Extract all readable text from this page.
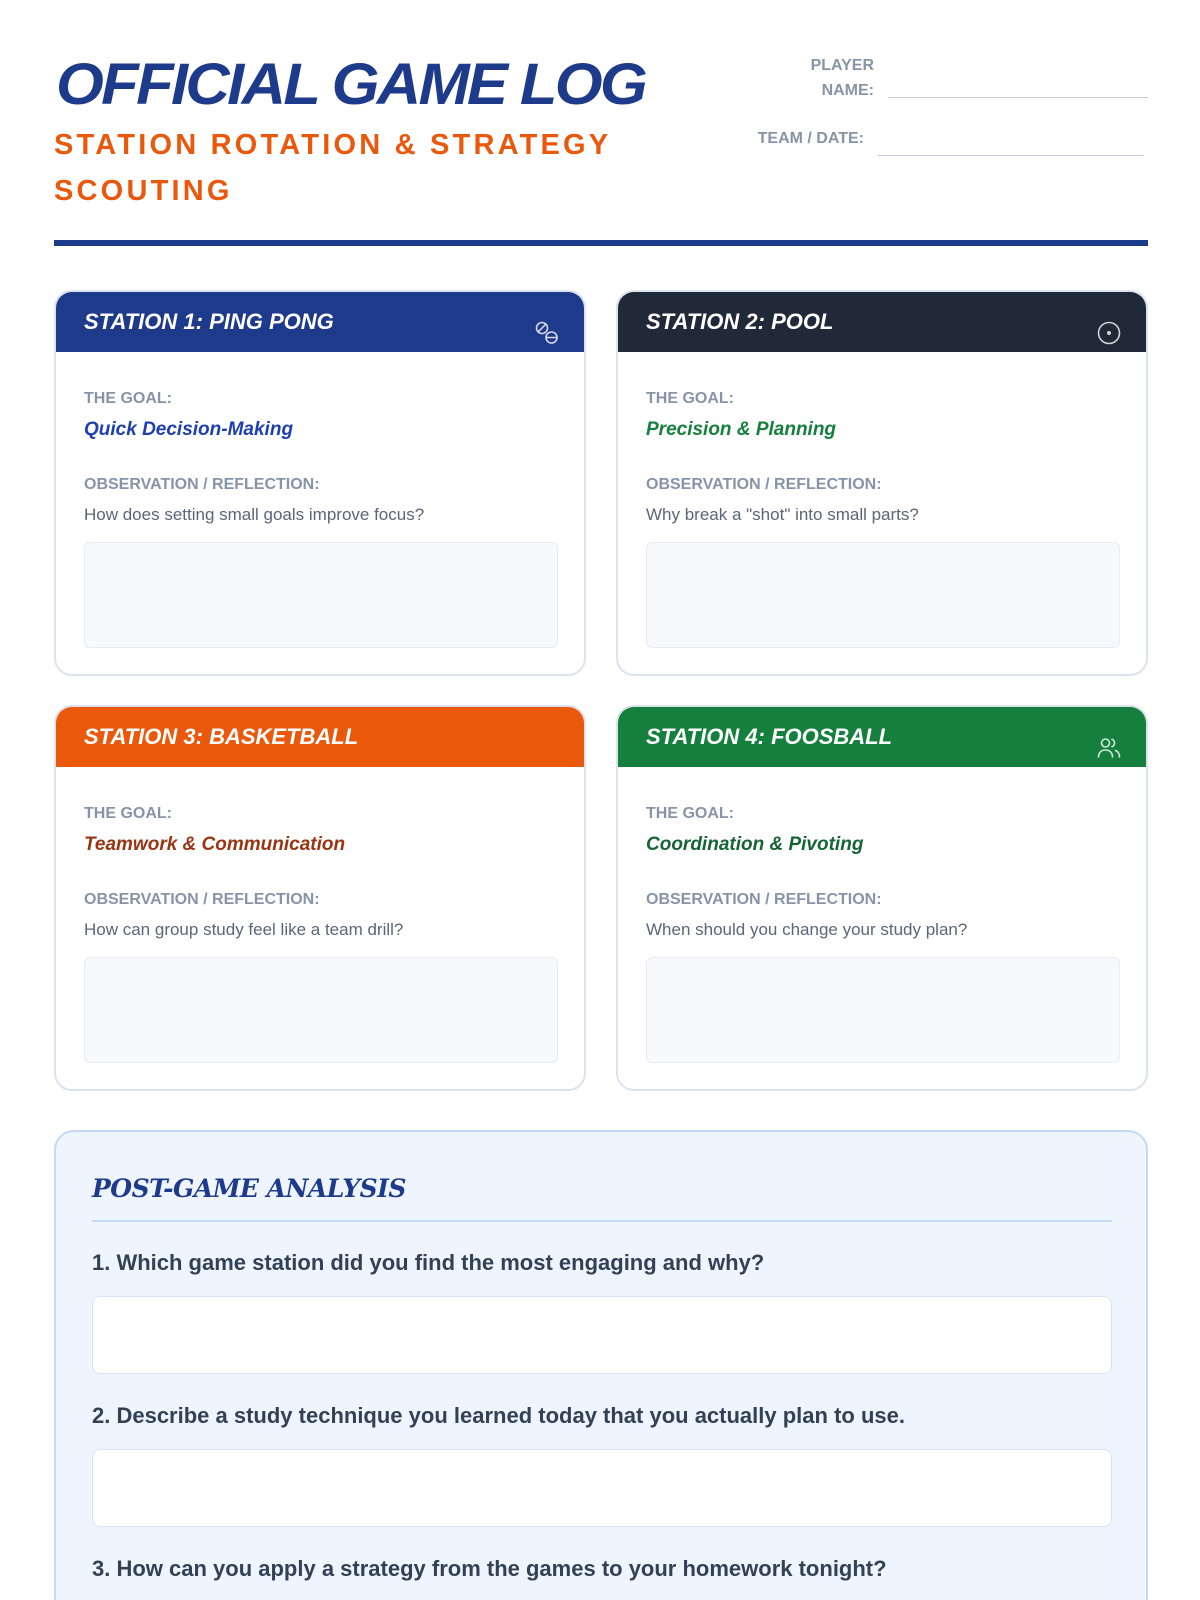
OFFICIAL GAME LOG
STATION ROTATION & STRATEGY SCOUTING
PLAYER
NAME:
TEAM / DATE:
STATION 1: PING PONG
THE GOAL:
Quick Decision-Making
OBSERVATION / REFLECTION:
How does setting small goals improve focus?
STATION 2: POOL
THE GOAL:
Precision & Planning
OBSERVATION / REFLECTION:
Why break a "shot" into small parts?
STATION 3: BASKETBALL
THE GOAL:
Teamwork & Communication
OBSERVATION / REFLECTION:
How can group study feel like a team drill?
STATION 4: FOOSBALL
THE GOAL:
Coordination & Pivoting
OBSERVATION / REFLECTION:
When should you change your study plan?
POST-GAME ANALYSIS
1. Which game station did you find the most engaging and why?
2. Describe a study technique you learned today that you actually plan to use.
3. How can you apply a strategy from the games to your homework tonight?
